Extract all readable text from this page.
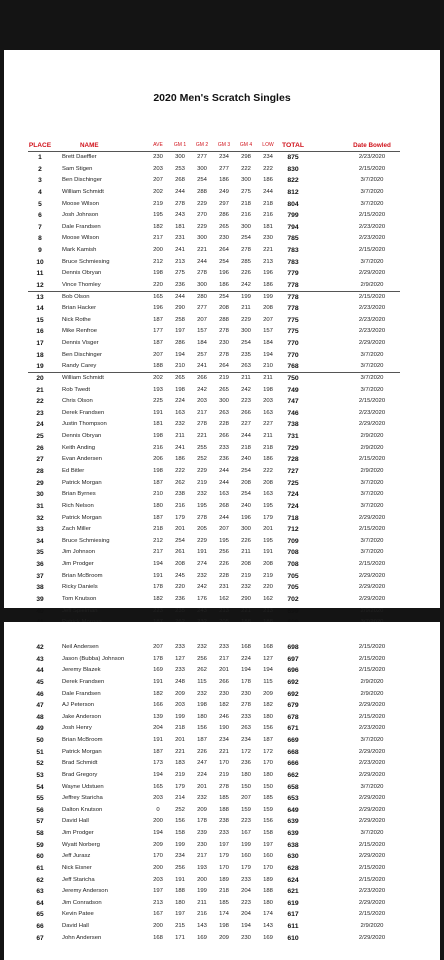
2020 Men's Scratch Singles
PLACE	NAME	AVE	GM 1	GM 2	GM 3	GM 4	LOW	TOTAL	Date Bowled
1	Brett Daeffler	230	300	277	234	298	234	875	2/23/2020
2	Sam Stigen	203	253	300	277	222	222	830	2/15/2020
3	Ben Dischinger	207	268	254	186	300	186	822	3/7/2020
4	William Schmidt	202	244	288	249	275	244	812	3/7/2020
5	Moose Wilson	219	278	229	297	218	218	804	3/7/2020
6	Josh Johnson	195	243	270	286	216	216	799	2/15/2020
7	Dale Frandsen	182	181	229	265	300	181	794	2/23/2020
8	Moose Wilson	217	231	300	230	254	230	785	2/23/2020
9	Mark Kamish	200	241	221	264	278	221	783	2/15/2020
10	Bruce Schmiesing	212	213	244	254	285	213	783	3/7/2020
11	Dennis Obryan	198	275	278	196	226	196	779	2/29/2020
12	Vince Thomley	220	236	300	186	242	186	778	2/9/2020
13	Bob Olson	165	244	280	254	199	199	778	2/15/2020
14	Brian Hacker	196	290	277	208	211	208	778	2/23/2020
15	Nick Rothe	187	258	207	288	229	207	775	2/23/2020
16	Mike Renfroe	177	197	157	278	300	157	775	2/23/2020
17	Dennis Visger	187	286	184	230	254	184	770	2/29/2020
18	Ben Dischinger	207	194	257	278	235	194	770	3/7/2020
19	Randy Carey	188	210	241	264	263	210	768	3/7/2020
20	William Schmidt	202	265	266	219	211	211	750	3/7/2020
21	Rob Twedt	193	198	242	265	242	198	749	3/7/2020
22	Chris Olson	225	224	203	300	223	203	747	2/15/2020
23	Derek Frandsen	191	163	217	263	266	163	746	2/23/2020
24	Justin Thompson	181	232	278	228	227	227	738	2/29/2020
25	Dennis Obryan	198	211	221	266	244	211	731	2/9/2020
26	Keith Anding	216	241	255	233	218	218	729	2/9/2020
27	Evan Andersen	206	186	252	236	240	186	728	2/15/2020
28	Ed Bitler	198	222	229	244	254	222	727	2/9/2020
29	Patrick Morgan	187	262	219	244	208	208	725	3/7/2020
30	Brian Byrnes	210	238	232	163	254	163	724	3/7/2020
31	Rich Nelson	180	216	195	268	240	195	724	3/7/2020
32	Patrick Morgan	187	179	278	244	196	179	718	2/29/2020
33	Zach Miller	218	201	205	207	300	201	712	2/15/2020
34	Bruce Schmiesing	212	254	229	195	226	195	709	3/7/2020
35	Jim Johnson	217	261	191	256	211	191	708	3/7/2020
36	Jim Prodger	194	208	274	226	208	208	708	2/15/2020
37	Brian McBroom	191	245	232	228	219	219	705	2/29/2020
38	Ricky Daniels	178	220	242	231	232	220	705	2/29/2020
39	Tom Knutson	182	236	176	162	290	162	702	2/29/2020
40	Jeff Spielman	223	235	243	213	221	213	699	2/9/2020
42	Neil Andersen	207	233	232	233	168	168	698	2/15/2020
43	Jason (Bubba) Johnson	178	127	256	217	224	127	697	2/15/2020
44	Jeremy Blazek	169	233	262	201	194	194	696	2/15/2020
45	Derek Frandsen	191	248	115	266	178	115	692	2/9/2020
46	Dale Frandsen	182	209	232	230	230	209	692	2/9/2020
47	AJ Peterson	166	203	198	182	278	182	679	2/29/2020
48	Jake Anderson	139	199	180	246	233	180	678	2/15/2020
49	Josh Henry	204	218	156	190	263	156	671	2/23/2020
50	Brian McBroom	191	201	187	234	234	187	669	3/7/2020
51	Patrick Morgan	187	221	226	221	172	172	668	2/29/2020
52	Brad Schmidt	173	183	247	170	236	170	666	2/23/2020
53	Brad Gregory	194	219	224	219	180	180	662	2/29/2020
54	Wayne Udstuen	165	179	201	278	150	150	658	3/7/2020
55	Jeffrey Staricha	203	214	232	185	207	185	653	2/29/2020
56	Dalton Knutson	0	252	209	188	159	159	649	2/29/2020
57	David Hall	200	156	178	238	223	156	639	2/29/2020
58	Jim Prodger	194	158	239	233	167	158	639	3/7/2020
59	Wyatt Norberg	209	199	230	197	199	197	638	2/15/2020
60	Jeff Jurasz	170	234	217	179	160	160	630	2/29/2020
61	Nick Eisner	200	256	193	170	179	170	628	2/15/2020
62	Jeff Staricha	203	191	200	189	233	189	624	2/15/2020
63	Jeremy Anderson	197	188	199	218	204	188	621	2/23/2020
64	Jim Conradson	213	180	211	185	223	180	619	2/29/2020
65	Kevin Patee	167	197	216	174	204	174	617	2/15/2020
66	David Hall	200	215	143	198	194	143	611	2/9/2020
67	John Andersen	168	171	169	209	230	169	610	2/29/2020
